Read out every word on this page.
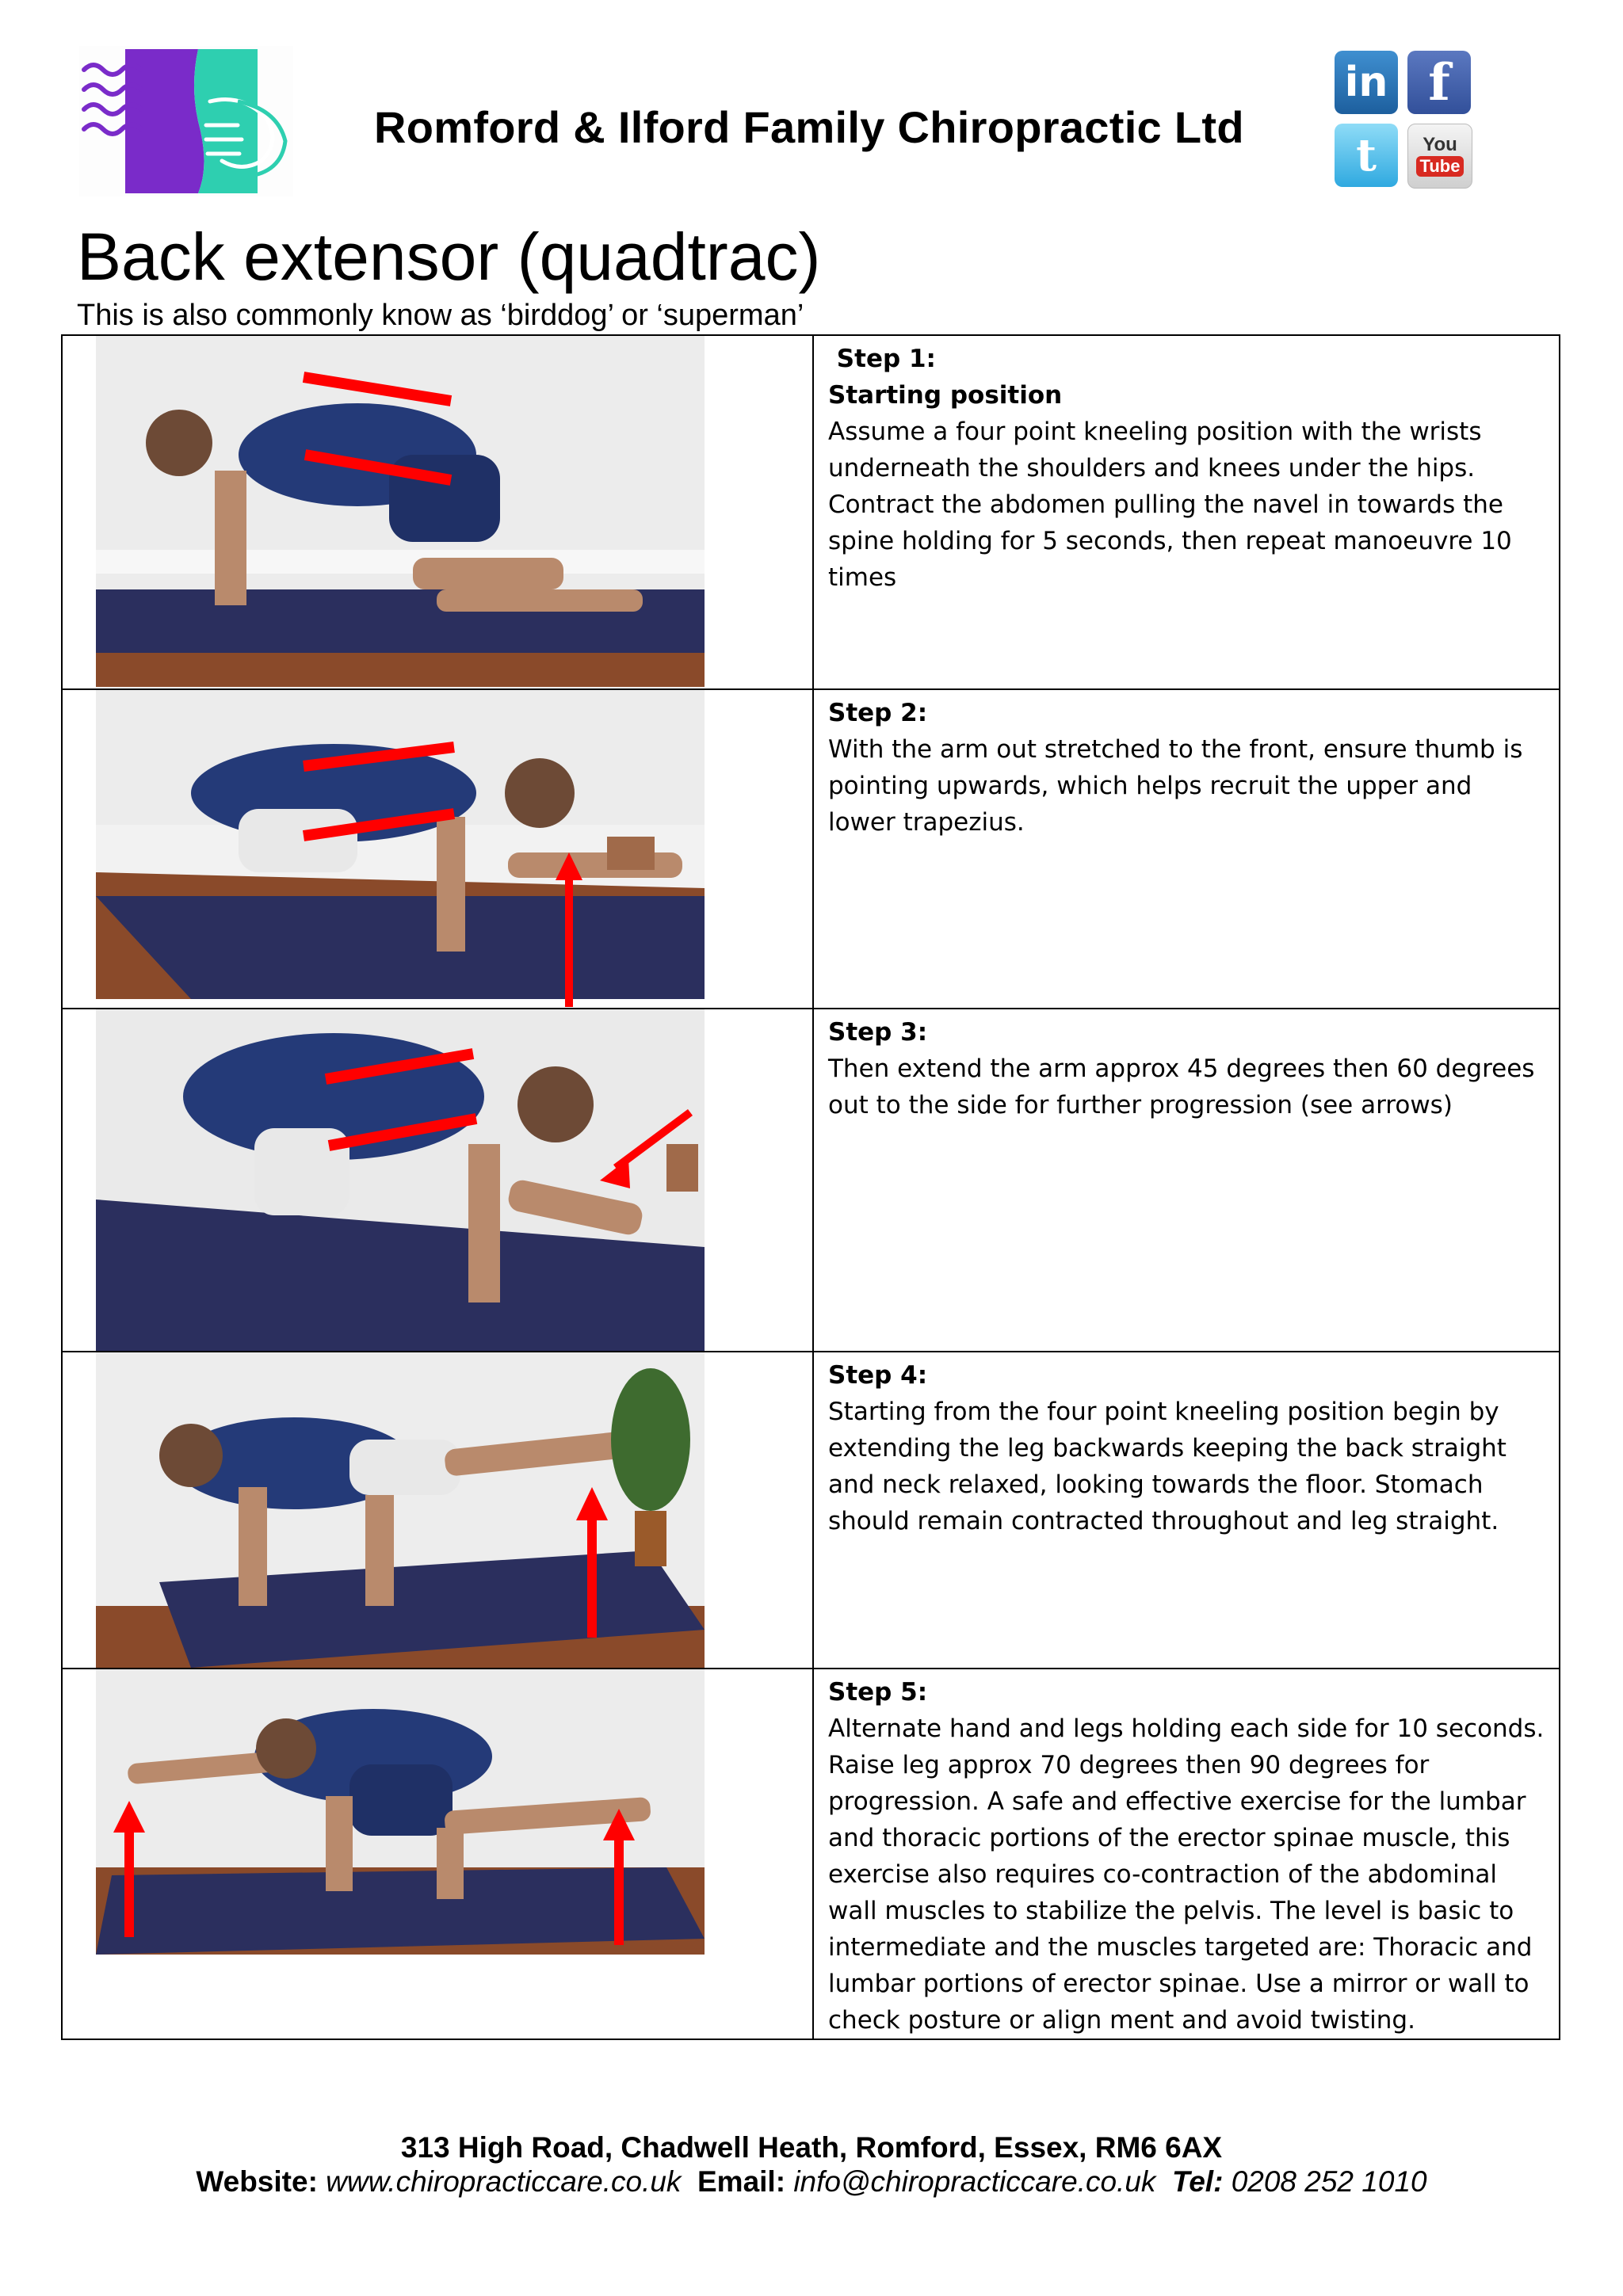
Romford & Ilford Family Chiropractic Ltd
in f
t You
Tube
Back extensor (quadtrac)
This is also commonly know as ‘birddog’ or ‘superman’

Step 1:
Starting position
Assume a four point kneeling position with the wrists underneath the shoulders and knees under the hips. Contract the abdomen pulling the navel in towards the spine holding for 5 seconds, then repeat manoeuvre 10 times

Step 2:
With the arm out stretched to the front, ensure thumb is pointing upwards, which helps recruit the upper and lower trapezius.

Step 3:
Then extend the arm approx 45 degrees then 60 degrees out to the side for further progression (see arrows)

Step 4:
Starting from the four point kneeling position begin by extending the leg backwards keeping the back straight and neck relaxed, looking towards the floor. Stomach should remain contracted throughout and leg straight.

Step 5:
Alternate hand and legs holding each side for 10 seconds. Raise leg approx 70 degrees then 90 degrees for progression. A safe and effective exercise for the lumbar and thoracic portions of the erector spinae muscle, this exercise also requires co-contraction of the abdominal wall muscles to stabilize the pelvis. The level is basic to intermediate and the muscles targeted are: Thoracic and lumbar portions of erector spinae. Use a mirror or wall to check posture or align ment and avoid twisting.
313 High Road, Chadwell Heath, Romford, Essex, RM6 6AX
Website: www.chiropracticcare.co.uk Email: info@chiropracticcare.co.uk Tel: 0208 252 1010
